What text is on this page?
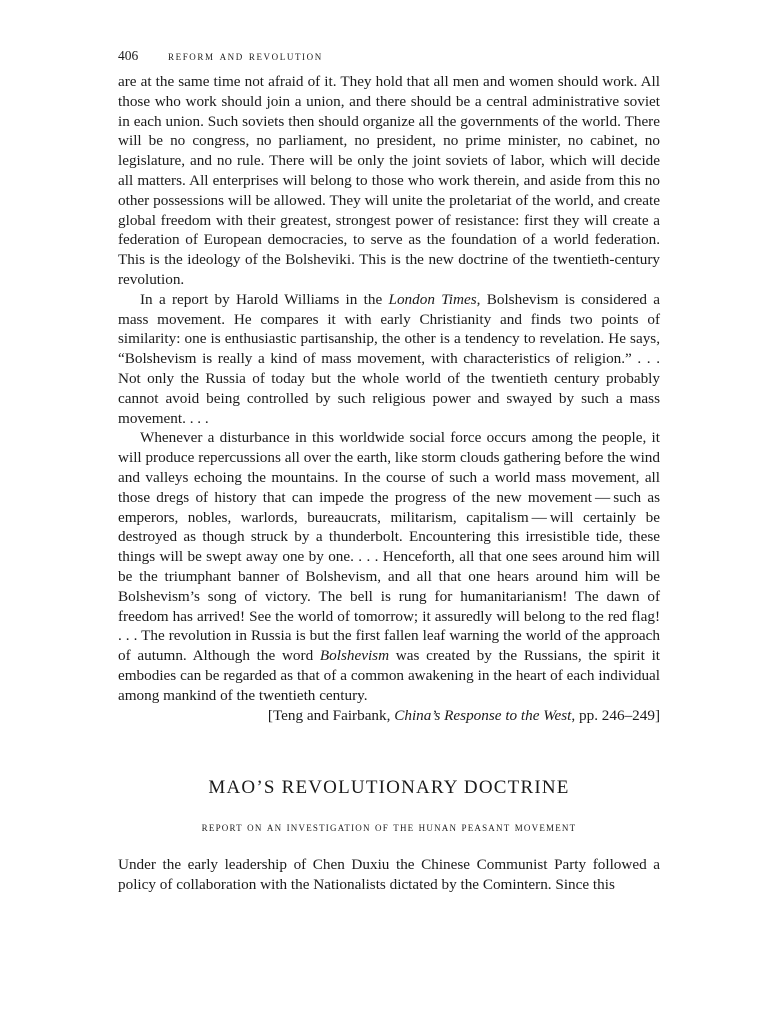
406 reform and revolution

are at the same time not afraid of it. They hold that all men and women should work. All those who work should join a union, and there should be a central administrative soviet in each union. Such soviets then should organize all the governments of the world. There will be no congress, no parliament, no president, no prime minister, no cabinet, no legislature, and no rule. There will be only the joint soviets of labor, which will decide all matters. All enterprises will belong to those who work therein, and aside from this no other possessions will be allowed. They will unite the proletariat of the world, and create global freedom with their greatest, strongest power of resistance: first they will create a federation of European democracies, to serve as the foundation of a world federation. This is the ideology of the Bolsheviki. This is the new doctrine of the twentieth-century revolution.

In a report by Harold Williams in the London Times, Bolshevism is considered a mass movement. He compares it with early Christianity and finds two points of similarity: one is enthusiastic partisanship, the other is a tendency to revelation. He says, “Bolshevism is really a kind of mass movement, with characteristics of religion.” . . . Not only the Russia of today but the whole world of the twentieth century probably cannot avoid being controlled by such religious power and swayed by such a mass movement. . . .

Whenever a disturbance in this worldwide social force occurs among the people, it will produce repercussions all over the earth, like storm clouds gathering before the wind and valleys echoing the mountains. In the course of such a world mass movement, all those dregs of history that can impede the progress of the new movement — such as emperors, nobles, warlords, bureaucrats, militarism, capitalism — will certainly be destroyed as though struck by a thunderbolt. Encountering this irresistible tide, these things will be swept away one by one. . . . Henceforth, all that one sees around him will be the triumphant banner of Bolshevism, and all that one hears around him will be Bolshevism’s song of victory. The bell is rung for humanitarianism! The dawn of freedom has arrived! See the world of tomorrow; it assuredly will belong to the red flag! . . . The revolution in Russia is but the first fallen leaf warning the world of the approach of autumn. Although the word Bolshevism was created by the Russians, the spirit it embodies can be regarded as that of a common awakening in the heart of each individual among mankind of the twentieth century.

[Teng and Fairbank, China’s Response to the West, pp. 246–249]

MAO’S REVOLUTIONARY DOCTRINE
report on an investigation of the hunan peasant movement

Under the early leadership of Chen Duxiu the Chinese Communist Party followed a policy of collaboration with the Nationalists dictated by the Comintern. Since this
